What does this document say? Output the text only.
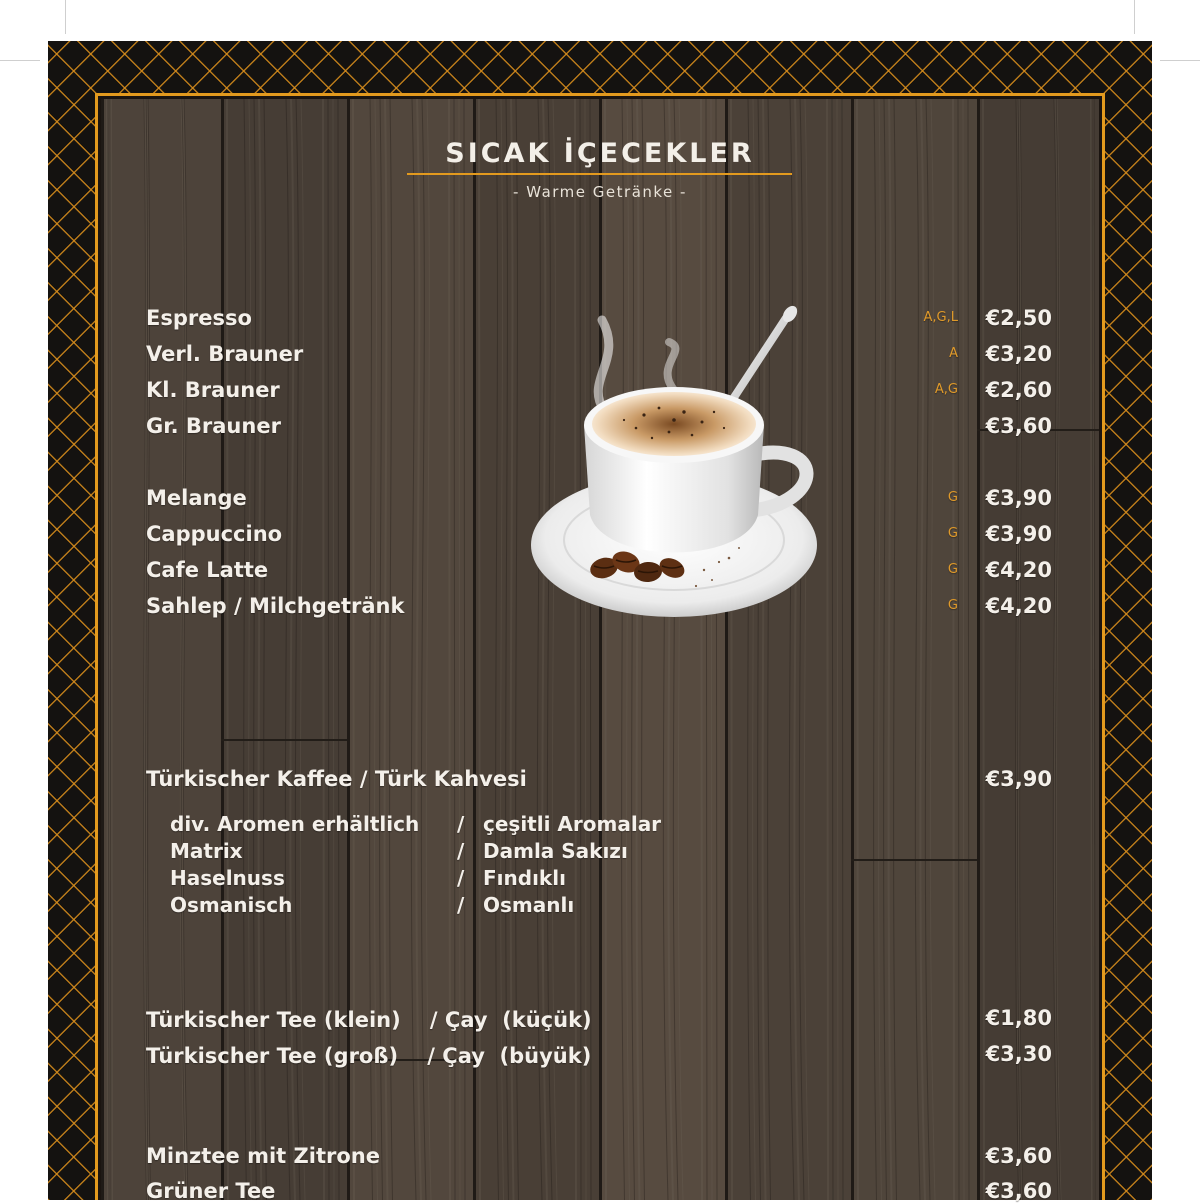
SICAK İÇECEKLER
- Warme Getränke -
Espresso	A,G,L €2,50
Verl. Brauner	A €3,20
Kl. Brauner	A,G €2,60
Gr. Brauner	€3,60
Melange	G €3,90
Cappuccino	G €3,90
Cafe Latte	G €4,20
Sahlep / Milchgetränk	G €4,20
Türkischer Kaffee / Türk Kahvesi	€3,90
div. Aromen erhältlich / çeşitli Aromalar
Matrix	/ Damla Sakızı
Haselnuss	/ Fındıklı
Osmanisch	/ Osmanlı
Türkischer Tee (klein)    / Çay  (küçük)	€1,80
Türkischer Tee (groß)    / Çay  (büyük)	€3,30
Minztee mit Zitrone	€3,60
Grüner Tee	€3,60
